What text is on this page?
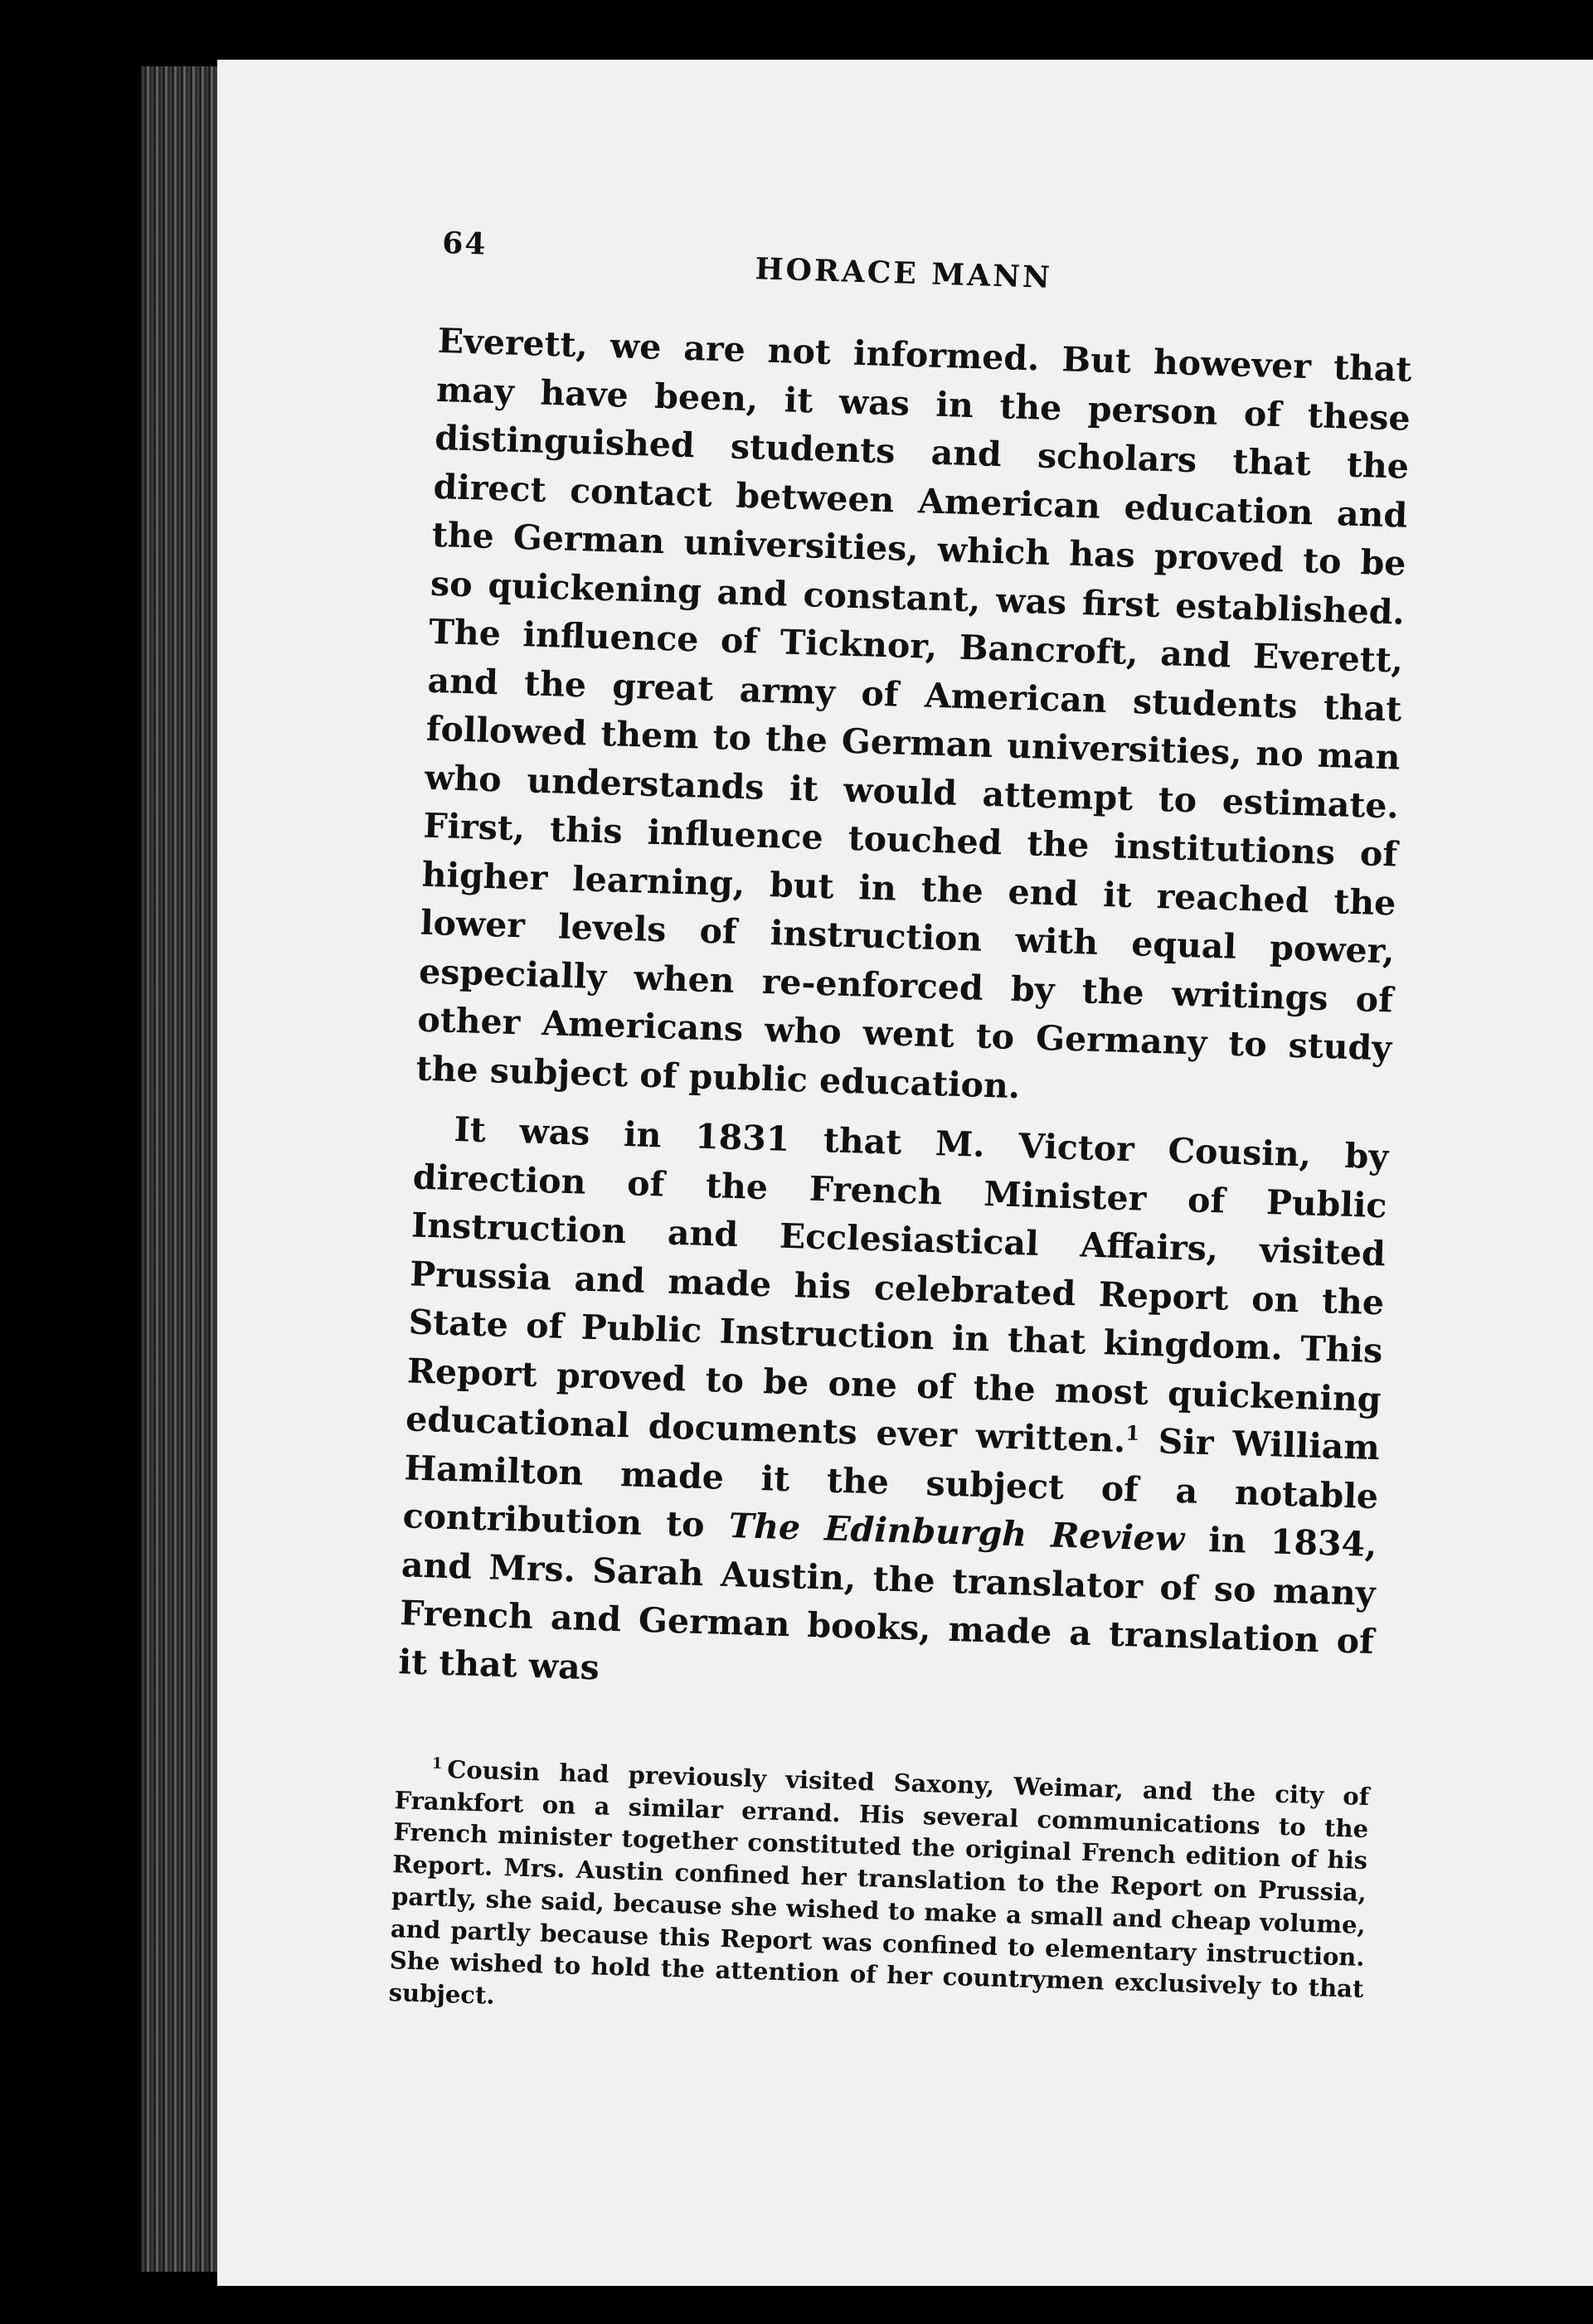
64
HORACE MANN

Everett, we are not informed. But however that may have been, it was in the person of these distinguished students and scholars that the direct contact between American education and the German universities, which has proved to be so quickening and constant, was first established. The influence of Ticknor, Bancroft, and Everett, and the great army of American students that followed them to the German universities, no man who understands it would attempt to estimate. First, this influence touched the institutions of higher learning, but in the end it reached the lower levels of instruction with equal power, especially when re-enforced by the writings of other Americans who went to Germany to study the subject of public education.

It was in 1831 that M. Victor Cousin, by direction of the French Minister of Public Instruction and Ecclesiastical Affairs, visited Prussia and made his celebrated Report on the State of Public Instruction in that kingdom. This Report proved to be one of the most quickening educational documents ever written.$^1$ Sir William Hamilton made it the subject of a notable contribution to The Edinburgh Review in 1834, and Mrs. Sarah Austin, the translator of so many French and German books, made a translation of it that was

$^1$ Cousin had previously visited Saxony, Weimar, and the city of Frankfort on a similar errand. His several communications to the French minister together constituted the original French edition of his Report. Mrs. Austin confined her translation to the Report on Prussia, partly, she said, because she wished to make a small and cheap volume, and partly because this Report was confined to elementary instruction. She wished to hold the attention of her countrymen exclusively to that subject.
